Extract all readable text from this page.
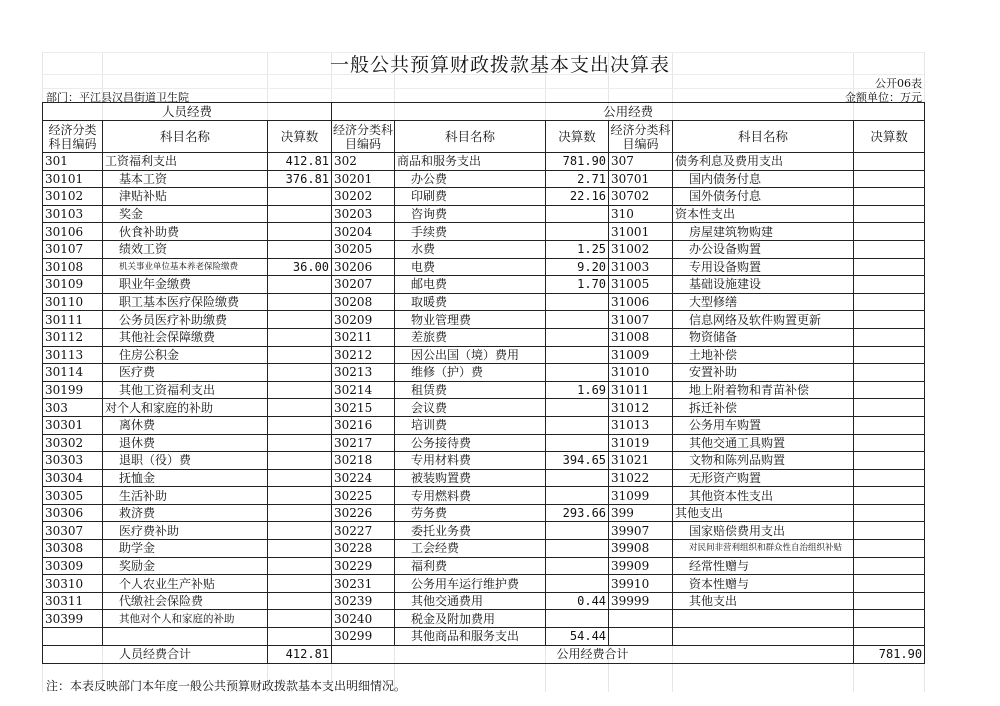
一般公共预算财政拨款基本支出决算表
公开06表
部门：平江县汉昌街道卫生院	金额单位：万元
人员经费			公用经费					
经济分类科目编码	科目名称	决算数	经济分类科目编码	科目名称	决算数	经济分类科目编码	科目名称	决算数
301	工资福利支出	412.81	302	商品和服务支出	781.90	307	债务利息及费用支出	
30101	基本工资	376.81	30201	办公费	2.71	30701	国内债务付息	
30102	津贴补贴		30202	印刷费	22.16	30702	国外债务付息	
30103	奖金		30203	咨询费		310	资本性支出	
30106	伙食补助费		30204	手续费		31001	房屋建筑物购建	
30107	绩效工资		30205	水费	1.25	31002	办公设备购置	
30108	机关事业单位基本养老保险缴费	36.00	30206	电费	9.20	31003	专用设备购置	
30109	职业年金缴费		30207	邮电费	1.70	31005	基础设施建设	
30110	职工基本医疗保险缴费		30208	取暖费		31006	大型修缮	
30111	公务员医疗补助缴费		30209	物业管理费		31007	信息网络及软件购置更新	
30112	其他社会保障缴费		30211	差旅费		31008	物资储备	
30113	住房公积金		30212	因公出国（境）费用		31009	土地补偿	
30114	医疗费		30213	维修（护）费		31010	安置补助	
30199	其他工资福利支出		30214	租赁费	1.69	31011	地上附着物和青苗补偿	
303	对个人和家庭的补助		30215	会议费		31012	拆迁补偿	
30301	离休费		30216	培训费		31013	公务用车购置	
30302	退休费		30217	公务接待费		31019	其他交通工具购置	
30303	退职（役）费		30218	专用材料费	394.65	31021	文物和陈列品购置	
30304	抚恤金		30224	被装购置费		31022	无形资产购置	
30305	生活补助		30225	专用燃料费		31099	其他资本性支出	
30306	救济费		30226	劳务费	293.66	399	其他支出	
30307	医疗费补助		30227	委托业务费		39907	国家赔偿费用支出	
30308	助学金		30228	工会经费		39908	对民间非营利组织和群众性自治组织补贴	
30309	奖励金		30229	福利费		39909	经常性赠与	
30310	个人农业生产补贴		30231	公务用车运行维护费		39910	资本性赠与	
30311	代缴社会保险费		30239	其他交通费用	0.44	39999	其他支出	
30399	其他对个人和家庭的补助		30240	税金及附加费用				
			30299	其他商品和服务支出	54.44			
人员经费合计		412.81	公用经费合计					781.90
注：本表反映部门本年度一般公共预算财政拨款基本支出明细情况。
